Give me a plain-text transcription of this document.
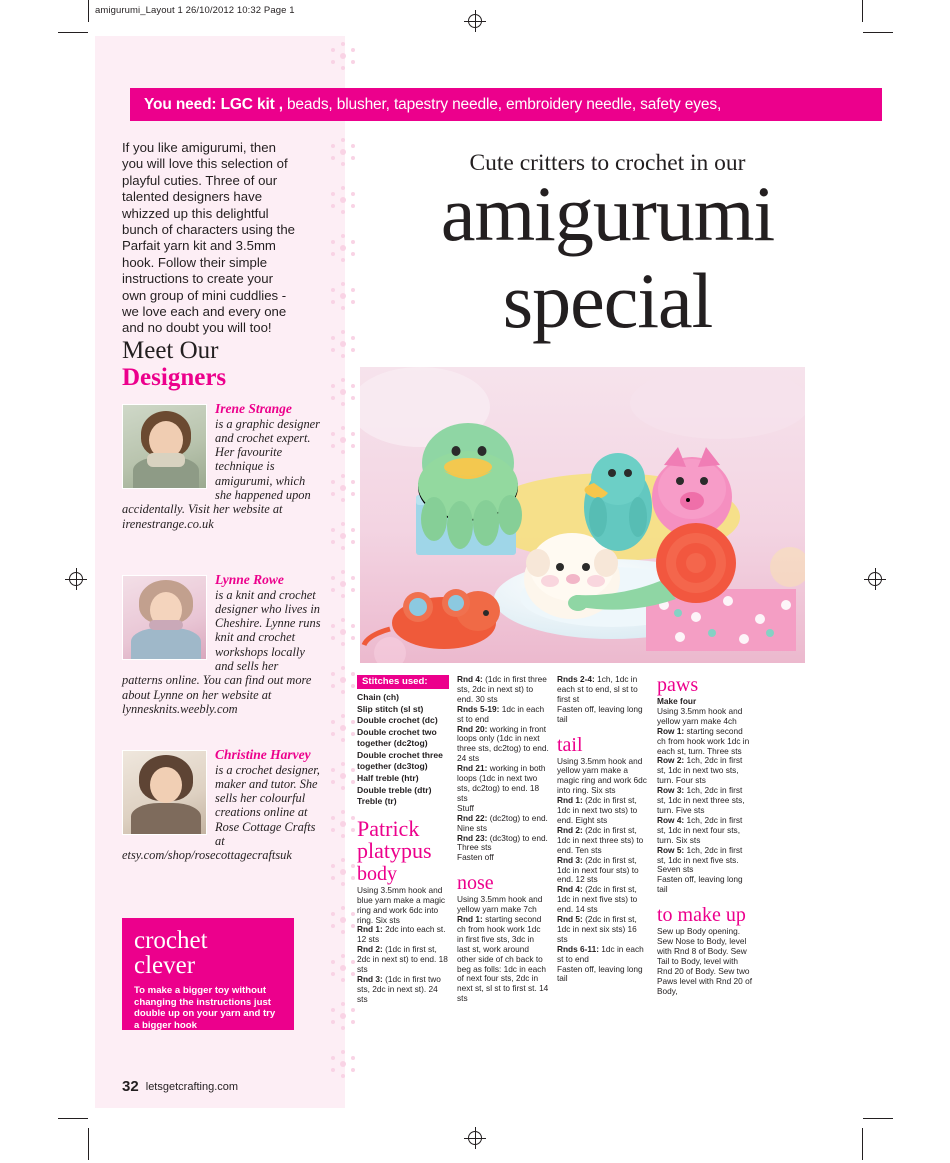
amigurumi_Layout 1 26/10/2012 10:32 Page 1
You need: LGC kit , beads, blusher, tapestry needle, embroidery needle, safety eyes,
If you like amigurumi, then you will love this selection of playful cuties. Three of our talented designers have whizzed up this delightful bunch of characters using the Parfait yarn kit and 3.5mm hook. Follow their simple instructions to create your own group of mini cuddlies - we love each and every one and no doubt you will too!
Meet Our
Designers
Irene Strange
is a graphic designer and crochet expert. Her favourite technique is amigurumi, which she happened upon accidentally. Visit her website at irenestrange.co.uk
Lynne Rowe
is a knit and crochet designer who lives in Cheshire. Lynne runs knit and crochet workshops locally and sells her patterns online. You can find out more about Lynne on her website at lynnesknits.weebly.com
Christine Harvey
is a crochet designer, maker and tutor. She sells her colourful creations online at Rose Cottage Crafts at etsy.com/shop/rosecottagecraftsuk
crochet
clever
To make a bigger toy without changing the instructions just double up on your yarn and try a bigger hook
32 letsgetcrafting.com
Cute critters to crochet in our
amigurumi
special
Stitches used:
Chain (ch)
Slip stitch (sl st)
Double crochet (dc)
Double crochet two together (dc2tog)
Double crochet three together (dc3tog)
Half treble (htr)
Double treble (dtr)
Treble (tr)
Patrick
platypus
body

Using 3.5mm hook and blue yarn make a magic ring and work 6dc into ring. Six sts

Rnd 1: 2dc into each st. 12 sts

Rnd 2: (1dc in first st, 2dc in next st) to end. 18 sts

Rnd 3: (1dc in first two sts, 2dc in next st). 24 sts

Rnd 4: (1dc in first three sts, 2dc in next st) to end. 30 sts

Rnds 5-19: 1dc in each st to end

Rnd 20: working in front loops only (1dc in next three sts, dc2tog) to end. 24 sts

Rnd 21: working in both loops (1dc in next two sts, dc2tog) to end. 18 sts

Stuff

Rnd 22: (dc2tog) to end. Nine sts

Rnd 23: (dc3tog) to end. Three sts

Fasten off

nose

Using 3.5mm hook and yellow yarn make 7ch

Rnd 1: starting second ch from hook work 1dc in first five sts, 3dc in last st, work around other side of ch back to beg as folls: 1dc in each of next four sts, 2dc in next st, sl st to first st. 14 sts

Rnds 2-4: 1ch, 1dc in each st to end, sl st to first st

Fasten off, leaving long tail

tail

Using 3.5mm hook and yellow yarn make a magic ring and work 6dc into ring. Six sts

Rnd 1: (2dc in first st, 1dc in next two sts) to end. Eight sts

Rnd 2: (2dc in first st, 1dc in next three sts) to end. Ten sts

Rnd 3: (2dc in first st, 1dc in next four sts) to end. 12 sts

Rnd 4: (2dc in first st, 1dc in next five sts) to end. 14 sts

Rnd 5: (2dc in first st, 1dc in next six sts) 16 sts

Rnds 6-11: 1dc in each st to end

Fasten off, leaving long tail

paws

Make four

Using 3.5mm hook and yellow yarn make 4ch

Row 1: starting second ch from hook work 1dc in each st, turn. Three sts

Row 2: 1ch, 2dc in first st, 1dc in next two sts, turn. Four sts

Row 3: 1ch, 2dc in first st, 1dc in next three sts, turn. Five sts

Row 4: 1ch, 2dc in first st, 1dc in next four sts, turn. Six sts

Row 5: 1ch, 2dc in first st, 1dc in next five sts. Seven sts

Fasten off, leaving long tail

to make up

Sew up Body opening. Sew Nose to Body, level with Rnd 8 of Body. Sew Tail to Body, level with Rnd 20 of Body. Sew two Paws level with Rnd 20 of Body,
